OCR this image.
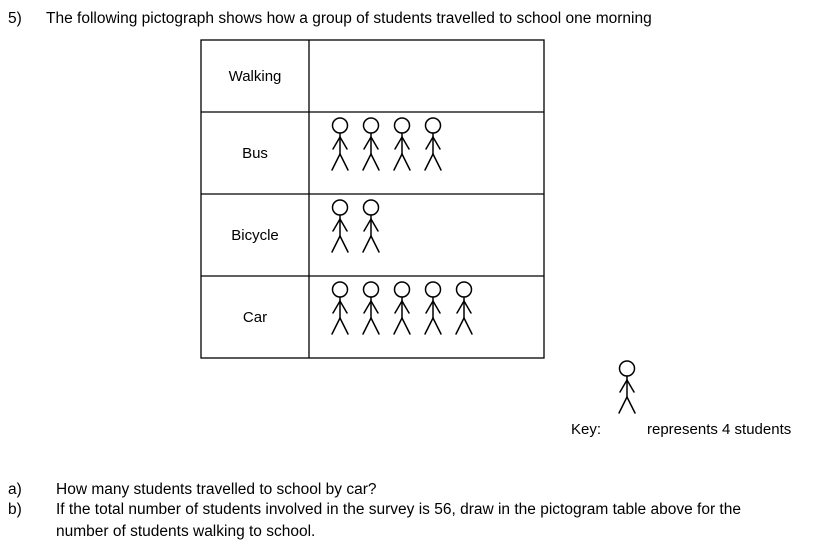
5) The following pictograph shows how a group of students travelled to school one morning
Walking
Bus
Bicycle
Car
Key:	represents 4 students
a) How many students travelled to school by car?
b) If the total number of students involved in the survey is 56, draw in the pictogram table above for the
number of students walking to school.
